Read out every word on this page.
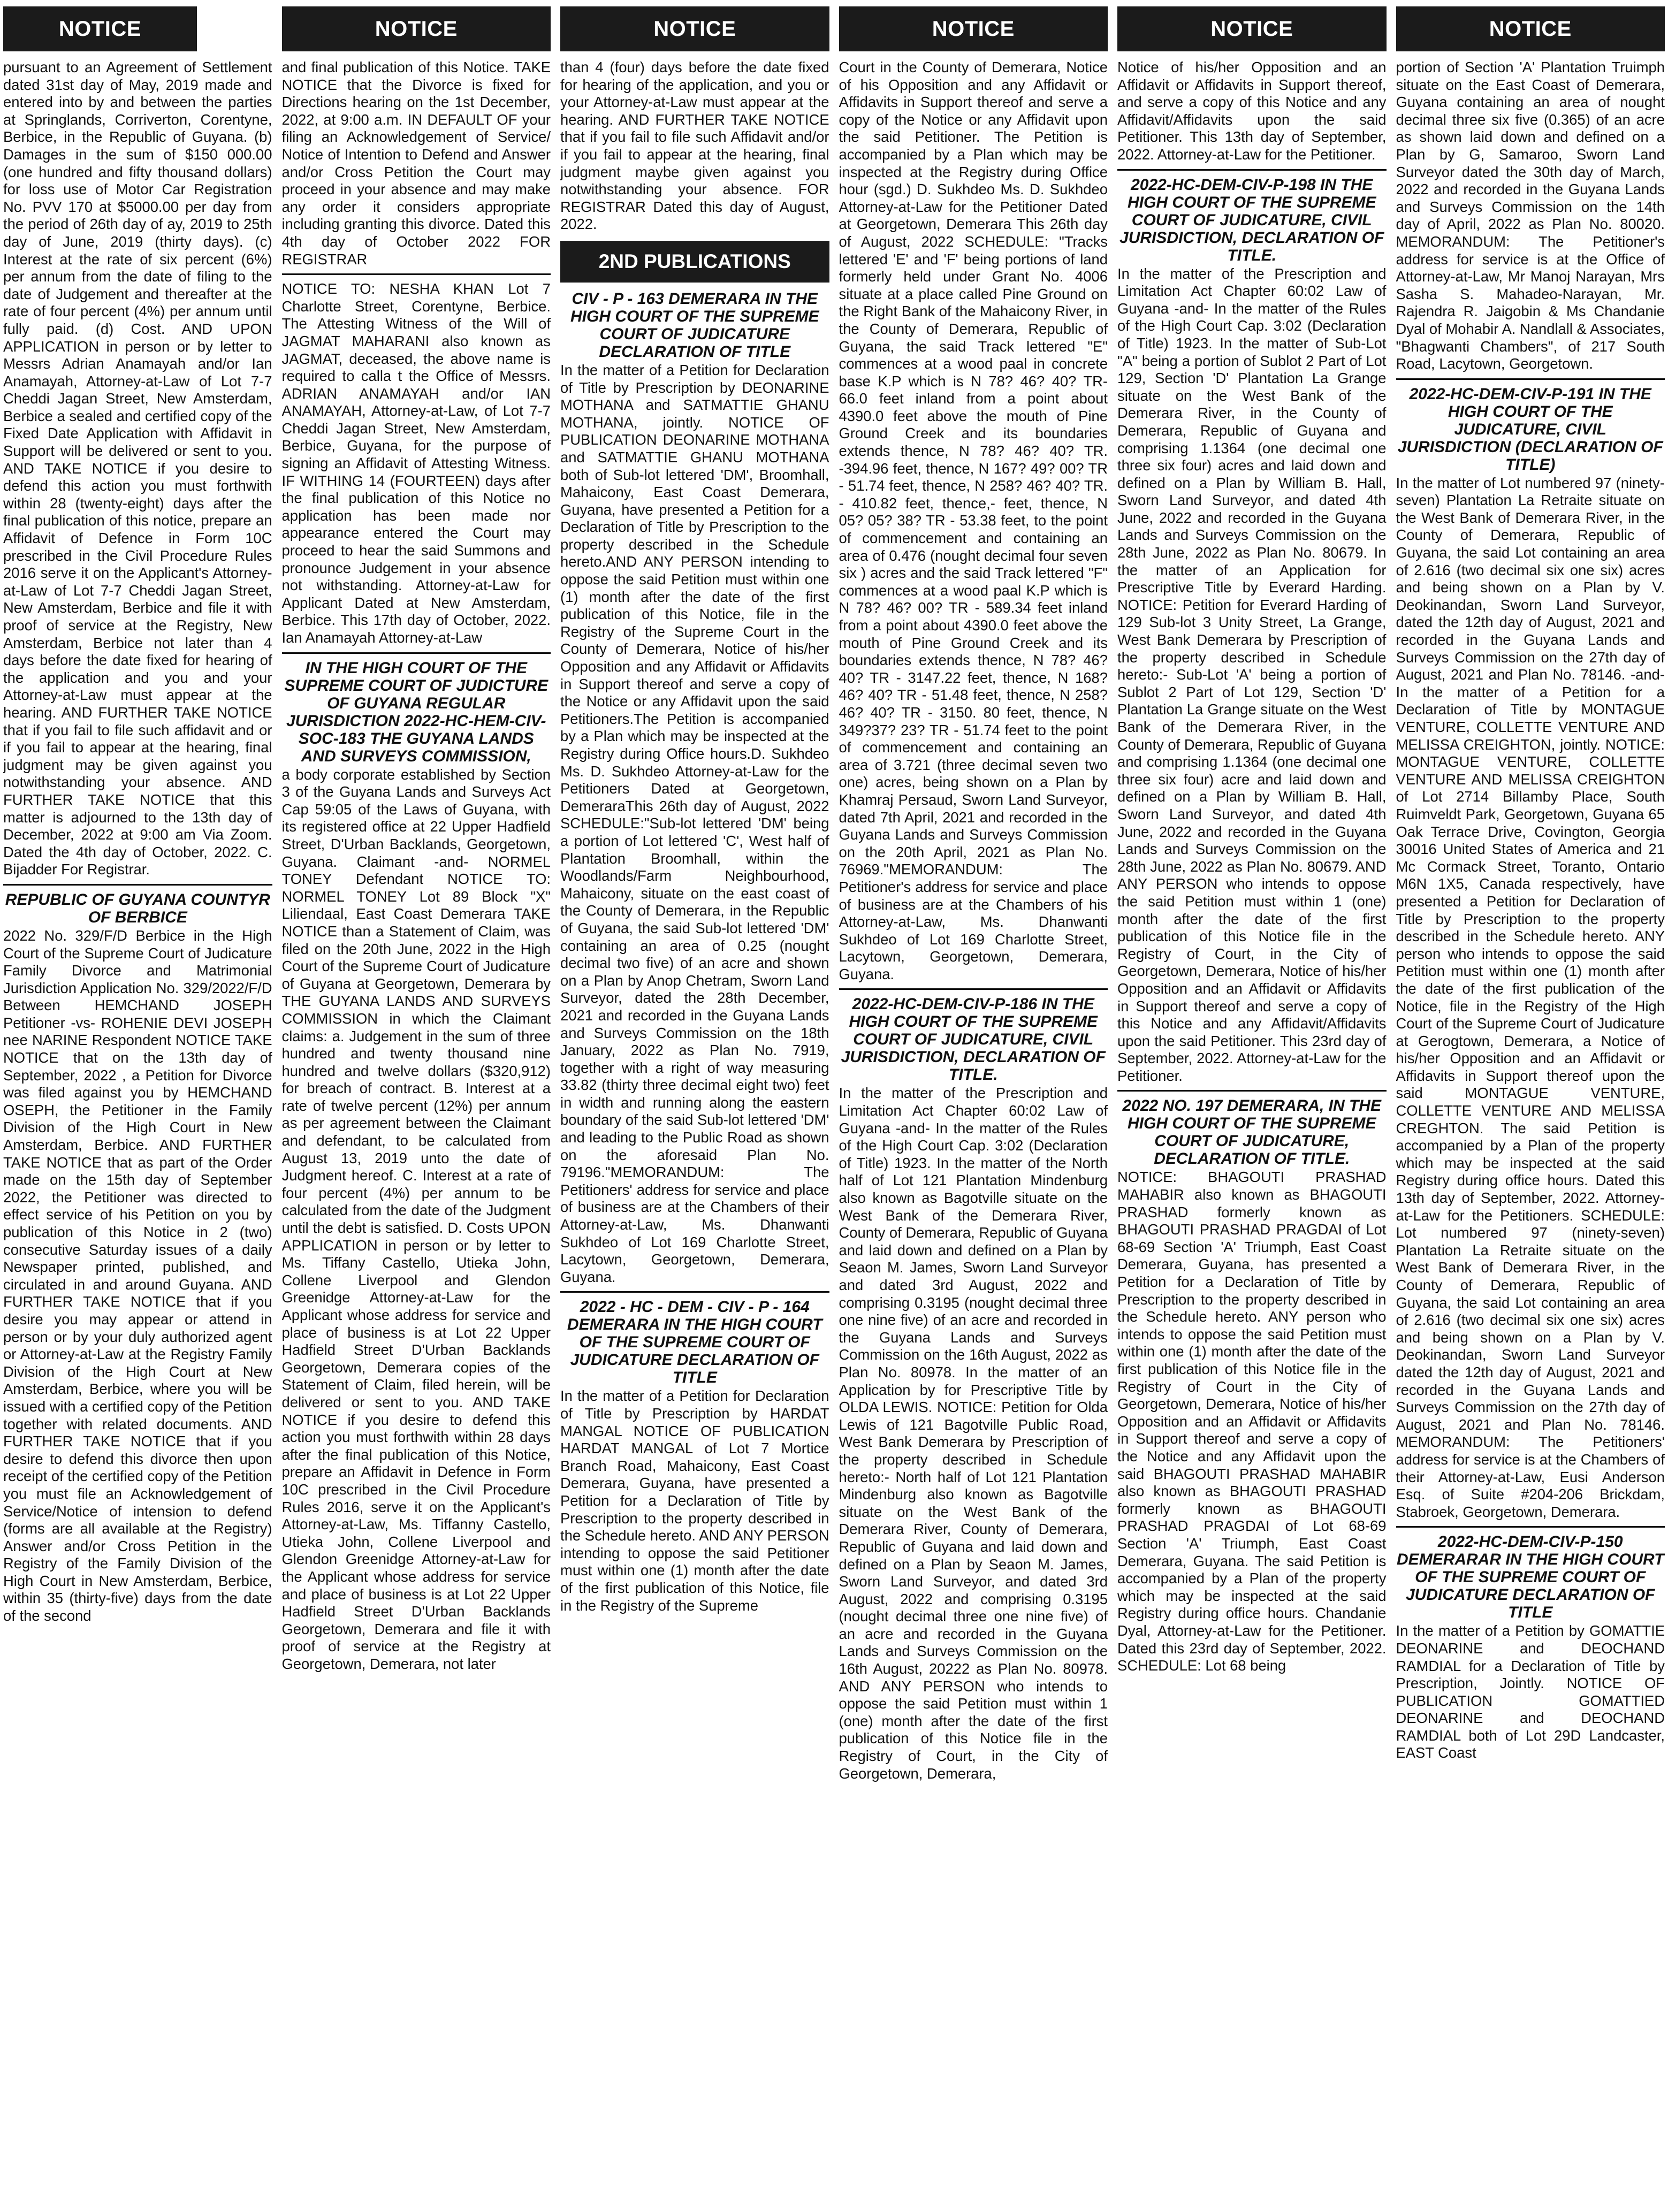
NOTICE

pursuant to an Agreement of Settlement dated 31st day of May, 2019 made and entered into by and between the parties at Springlands, Corriverton, Corentyne, Berbice, in the Republic of Guyana. (b) Damages in the sum of $150 000.00 (one hundred and fifty thousand dollars) for loss use of Motor Car Registration No. PVV 170 at $5000.00 per day from the period of 26th day of ay, 2019 to 25th day of June, 2019 (thirty days). (c) Interest at the rate of six percent (6%) per annum from the date of filing to the date of Judgement and thereafter at the rate of four percent (4%) per annum until fully paid. (d) Cost. AND UPON APPLICATION in person or by letter to Messrs Adrian Anamayah and/or Ian Anamayah, Attorney-at-Law of Lot 7-7 Cheddi Jagan Street, New Amsterdam, Berbice a sealed and certified copy of the Fixed Date Application with Affidavit in Support will be delivered or sent to you. AND TAKE NOTICE if you desire to defend this action you must forthwith within 28 (twenty-eight) days after the final publication of this notice, prepare an Affidavit of Defence in Form 10C prescribed in the Civil Procedure Rules 2016 serve it on the Applicant's Attorney-at-Law of Lot 7-7 Cheddi Jagan Street, New Amsterdam, Berbice and file it with proof of service at the Registry, New Amsterdam, Berbice not later than 4 days before the date fixed for hearing of the application and you and your Attorney-at-Law must appear at the hearing. AND FURTHER TAKE NOTICE that if you fail to file such affidavit and or if you fail to appear at the hearing, final judgment may be given against you notwithstanding your absence. AND FURTHER TAKE NOTICE that this matter is adjourned to the 13th day of December, 2022 at 9:00 am Via Zoom. Dated the 4th day of October, 2022. C. Bijadder For Registrar.

REPUBLIC OF GUYANA COUNTYR OF BERBICE

2022 No. 329/F/D Berbice in the High Court of the Supreme Court of Judicature Family Divorce and Matrimonial Jurisdiction Application No. 329/2022/F/D Between HEMCHAND JOSEPH Petitioner -vs- ROHENIE DEVI JOSEPH nee NARINE Respondent NOTICE TAKE NOTICE that on the 13th day of September, 2022 , a Petition for Divorce was filed against you by HEMCHAND OSEPH, the Petitioner in the Family Division of the High Court in New Amsterdam, Berbice. AND FURTHER TAKE NOTICE that as part of the Order made on the 15th day of September 2022, the Petitioner was directed to effect service of his Petition on you by publication of this Notice in 2 (two) consecutive Saturday issues of a daily Newspaper printed, published, and circulated in and around Guyana. AND FURTHER TAKE NOTICE that if you desire you may appear or attend in person or by your duly authorized agent or Attorney-at-Law at the Registry Family Division of the High Court at New Amsterdam, Berbice, where you will be issued with a certified copy of the Petition together with related documents. AND FURTHER TAKE NOTICE that if you desire to defend this divorce then upon receipt of the certified copy of the Petition you must file an Acknowledgement of Service/Notice of intension to defend (forms are all available at the Registry) Answer and/or Cross Petition in the Registry of the Family Division of the High Court in New Amsterdam, Berbice, within 35 (thirty-five) days from the date of the second

NOTICE

and final publication of this Notice. TAKE NOTICE that the Divorce is fixed for Directions hearing on the 1st December, 2022, at 9:00 a.m. IN DEFAULT OF your filing an Acknowledgement of Service/ Notice of Intention to Defend and Answer and/or Cross Petition the Court may proceed in your absence and may make any order it considers appropriate including granting this divorce. Dated this 4th day of October 2022 FOR REGISTRAR

NOTICE TO: NESHA KHAN Lot 7 Charlotte Street, Corentyne, Berbice. The Attesting Witness of the Will of JAGMAT MAHARANI also known as JAGMAT, deceased, the above name is required to calla t the Office of Messrs. ADRIAN ANAMAYAH and/or IAN ANAMAYAH, Attorney-at-Law, of Lot 7-7 Cheddi Jagan Street, New Amsterdam, Berbice, Guyana, for the purpose of signing an Affidavit of Attesting Witness. IF WITHING 14 (FOURTEEN) days after the final publication of this Notice no application has been made nor appearance entered the Court may proceed to hear the said Summons and pronounce Judgement in your absence not withstanding. Attorney-at-Law for Applicant Dated at New Amsterdam, Berbice. This 17th day of October, 2022. Ian Anamayah Attorney-at-Law

IN THE HIGH COURT OF THE SUPREME COURT OF JUDICTURE OF GUYANA REGULAR JURISDICTION 2022-HC-HEM-CIV-SOC-183 THE GUYANA LANDS AND SURVEYS COMMISSION,

a body corporate established by Section 3 of the Guyana Lands and Surveys Act Cap 59:05 of the Laws of Guyana, with its registered office at 22 Upper Hadfield Street, D'Urban Backlands, Georgetown, Guyana. Claimant -and- NORMEL TONEY Defendant NOTICE TO: NORMEL TONEY Lot 89 Block "X" Liliendaal, East Coast Demerara TAKE NOTICE than a Statement of Claim, was filed on the 20th June, 2022 in the High Court of the Supreme Court of Judicature of Guyana at Georgetown, Demerara by THE GUYANA LANDS AND SURVEYS COMMISSION in which the Claimant claims: a. Judgement in the sum of three hundred and twenty thousand nine hundred and twelve dollars ($320,912) for breach of contract. B. Interest at a rate of twelve percent (12%) per annum as per agreement between the Claimant and defendant, to be calculated from August 13, 2019 unto the date of Judgment hereof. C. Interest at a rate of four percent (4%) per annum to be calculated from the date of the Judgment until the debt is satisfied. D. Costs UPON APPLICATION in person or by letter to Ms. Tiffany Castello, Utieka John, Collene Liverpool and Glendon Greenidge Attorney-at-Law for the Applicant whose address for service and place of business is at Lot 22 Upper Hadfield Street D'Urban Backlands Georgetown, Demerara copies of the Statement of Claim, filed herein, will be delivered or sent to you. AND TAKE NOTICE if you desire to defend this action you must forthwith within 28 days after the final publication of this Notice, prepare an Affidavit in Defence in Form 10C prescribed in the Civil Procedure Rules 2016, serve it on the Applicant's Attorney-at-Law, Ms. Tiffanny Castello, Utieka John, Collene Liverpool and Glendon Greenidge Attorney-at-Law for the Applicant whose address for service and place of business is at Lot 22 Upper Hadfield Street D'Urban Backlands Georgetown, Demerara and file it with proof of service at the Registry at Georgetown, Demerara, not later

NOTICE

than 4 (four) days before the date fixed for hearing of the application, and you or your Attorney-at-Law must appear at the hearing. AND FURTHER TAKE NOTICE that if you fail to file such Affidavit and/or if you fail to appear at the hearing, final judgment maybe given against you notwithstanding your absence. FOR REGISTRAR Dated this day of August, 2022.

2ND PUBLICATIONS
CIV - P - 163 DEMERARA IN THE HIGH COURT OF THE SUPREME COURT OF JUDICATURE DECLARATION OF TITLE

In the matter of a Petition for Declaration of Title by Prescription by DEONARINE MOTHANA and SATMATTIE GHANU MOTHANA, jointly. NOTICE OF PUBLICATION DEONARINE MOTHANA and SATMATTIE GHANU MOTHANA both of Sub-lot lettered 'DM', Broomhall, Mahaicony, East Coast Demerara, Guyana, have presented a Petition for a Declaration of Title by Prescription to the property described in the Schedule hereto.AND ANY PERSON intending to oppose the said Petition must within one (1) month after the date of the first publication of this Notice, file in the Registry of the Supreme Court in the County of Demerara, Notice of his/her Opposition and any Affidavit or Affidavits in Support thereof and serve a copy of the Notice or any Affidavit upon the said Petitioners.The Petition is accompanied by a Plan which may be inspected at the Registry during Office hours.D. Sukhdeo Ms. D. Sukhdeo Attorney-at-Law for the Petitioners Dated at Georgetown, DemeraraThis 26th day of August, 2022 SCHEDULE:"Sub-lot lettered 'DM' being a portion of Lot lettered 'C', West half of Plantation Broomhall, within the Woodlands/Farm Neighbourhood, Mahaicony, situate on the east coast of the County of Demerara, in the Republic of Guyana, the said Sub-lot lettered 'DM' containing an area of 0.25 (nought decimal two five) of an acre and shown on a Plan by Anop Chetram, Sworn Land Surveyor, dated the 28th December, 2021 and recorded in the Guyana Lands and Surveys Commission on the 18th January, 2022 as Plan No. 7919, together with a right of way measuring 33.82 (thirty three decimal eight two) feet in width and running along the eastern boundary of the said Sub-lot lettered 'DM' and leading to the Public Road as shown on the aforesaid Plan No. 79196."MEMORANDUM: The Petitioners' address for service and place of business are at the Chambers of their Attorney-at-Law, Ms. Dhanwanti Sukhdeo of Lot 169 Charlotte Street, Lacytown, Georgetown, Demerara, Guyana.

2022 - HC - DEM - CIV - P - 164 DEMERARA IN THE HIGH COURT OF THE SUPREME COURT OF JUDICATURE DECLARATION OF TITLE

In the matter of a Petition for Declaration of Title by Prescription by HARDAT MANGAL NOTICE OF PUBLICATION HARDAT MANGAL of Lot 7 Mortice Branch Road, Mahaicony, East Coast Demerara, Guyana, have presented a Petition for a Declaration of Title by Prescription to the property described in the Schedule hereto. AND ANY PERSON intending to oppose the said Petitioner must within one (1) month after the date of the first publication of this Notice, file in the Registry of the Supreme

NOTICE

Court in the County of Demerara, Notice of his Opposition and any Affidavit or Affidavits in Support thereof and serve a copy of the Notice or any Affidavit upon the said Petitioner. The Petition is accompanied by a Plan which may be inspected at the Registry during Office hour (sgd.) D. Sukhdeo Ms. D. Sukhdeo Attorney-at-Law for the Petitioner Dated at Georgetown, Demerara This 26th day of August, 2022 SCHEDULE: "Tracks lettered 'E' and 'F' being portions of land formerly held under Grant No. 4006 situate at a place called Pine Ground on the Right Bank of the Mahaicony River, in the County of Demerara, Republic of Guyana, the said Track lettered "E" commences at a wood paal in concrete base K.P which is N 78? 46? 40? TR-66.0 feet inland from a point about 4390.0 feet above the mouth of Pine Ground Creek and its boundaries extends thence, N 78? 46? 40? TR. -394.96 feet, thence, N 167? 49? 00? TR - 51.74 feet, thence, N 258? 46? 40? TR. - 410.82 feet, thence,- feet, thence, N 05? 05? 38? TR - 53.38 feet, to the point of commencement and containing an area of 0.476 (nought decimal four seven six ) acres and the said Track lettered "F" commences at a wood paal K.P which is N 78? 46? 00? TR - 589.34 feet inland from a point about 4390.0 feet above the mouth of Pine Ground Creek and its boundaries extends thence, N 78? 46? 40? TR - 3147.22 feet, thence, N 168? 46? 40? TR - 51.48 feet, thence, N 258? 46? 40? TR - 3150. 80 feet, thence, N 349?37? 23? TR - 51.74 feet to the point of commencement and containing an area of 3.721 (three decimal seven two one) acres, being shown on a Plan by Khamraj Persaud, Sworn Land Surveyor, dated 7th April, 2021 and recorded in the Guyana Lands and Surveys Commission on the 20th April, 2021 as Plan No. 76969."MEMORANDUM: The Petitioner's address for service and place of business are at the Chambers of his Attorney-at-Law, Ms. Dhanwanti Sukhdeo of Lot 169 Charlotte Street, Lacytown, Georgetown, Demerara, Guyana.

2022-HC-DEM-CIV-P-186 IN THE HIGH COURT OF THE SUPREME COURT OF JUDICATURE, CIVIL JURISDICTION, DECLARATION OF TITLE.

In the matter of the Prescription and Limitation Act Chapter 60:02 Law of Guyana -and- In the matter of the Rules of the High Court Cap. 3:02 (Declaration of Title) 1923. In the matter of the North half of Lot 121 Plantation Mindenburg also known as Bagotville situate on the West Bank of the Demerara River, County of Demerara, Republic of Guyana and laid down and defined on a Plan by Seaon M. James, Sworn Land Surveyor and dated 3rd August, 2022 and comprising 0.3195 (nought decimal three one nine five) of an acre and recorded in the Guyana Lands and Surveys Commission on the 16th August, 2022 as Plan No. 80978. In the matter of an Application by for Prescriptive Title by OLDA LEWIS. NOTICE: Petition for Olda Lewis of 121 Bagotville Public Road, West Bank Demerara by Prescription of the property described in Schedule hereto:- North half of Lot 121 Plantation Mindenburg also known as Bagotville situate on the West Bank of the Demerara River, County of Demerara, Republic of Guyana and laid down and defined on a Plan by Seaon M. James, Sworn Land Surveyor, and dated 3rd August, 2022 and comprising 0.3195 (nought decimal three one nine five) of an acre and recorded in the Guyana Lands and Surveys Commission on the 16th August, 20222 as Plan No. 80978. AND ANY PERSON who intends to oppose the said Petition must within 1 (one) month after the date of the first publication of this Notice file in the Registry of Court, in the City of Georgetown, Demerara,

NOTICE

Notice of his/her Opposition and an Affidavit or Affidavits in Support thereof, and serve a copy of this Notice and any Affidavit/Affidavits upon the said Petitioner. This 13th day of September, 2022. Attorney-at-Law for the Petitioner.

2022-HC-DEM-CIV-P-198 IN THE HIGH COURT OF THE SUPREME COURT OF JUDICATURE, CIVIL JURISDICTION, DECLARATION OF TITLE.

In the matter of the Prescription and Limitation Act Chapter 60:02 Law of Guyana -and- In the matter of the Rules of the High Court Cap. 3:02 (Declaration of Title) 1923. In the matter of Sub-Lot "A" being a portion of Sublot 2 Part of Lot 129, Section 'D' Plantation La Grange situate on the West Bank of the Demerara River, in the County of Demerara, Republic of Guyana and comprising 1.1364 (one decimal one three six four) acres and laid down and defined on a Plan by William B. Hall, Sworn Land Surveyor, and dated 4th June, 2022 and recorded in the Guyana Lands and Surveys Commission on the 28th June, 2022 as Plan No. 80679. In the matter of an Application for Prescriptive Title by Everard Harding. NOTICE: Petition for Everard Harding of 129 Sub-lot 3 Unity Street, La Grange, West Bank Demerara by Prescription of the property described in Schedule hereto:- Sub-Lot 'A' being a portion of Sublot 2 Part of Lot 129, Section 'D' Plantation La Grange situate on the West Bank of the Demerara River, in the County of Demerara, Republic of Guyana and comprising 1.1364 (one decimal one three six four) acre and laid down and defined on a Plan by William B. Hall, Sworn Land Surveyor, and dated 4th June, 2022 and recorded in the Guyana Lands and Surveys Commission on the 28th June, 2022 as Plan No. 80679. AND ANY PERSON who intends to oppose the said Petition must within 1 (one) month after the date of the first publication of this Notice file in the Registry of Court, in the City of Georgetown, Demerara, Notice of his/her Opposition and an Affidavit or Affidavits in Support thereof and serve a copy of this Notice and any Affidavit/Affidavits upon the said Petitioner. This 23rd day of September, 2022. Attorney-at-Law for the Petitioner.

2022 NO. 197 DEMERARA, IN THE HIGH COURT OF THE SUPREME COURT OF JUDICATURE, DECLARATION OF TITLE.

NOTICE: BHAGOUTI PRASHAD MAHABIR also known as BHAGOUTI PRASHAD formerly known as BHAGOUTI PRASHAD PRAGDAI of Lot 68-69 Section 'A' Triumph, East Coast Demerara, Guyana, has presented a Petition for a Declaration of Title by Prescription to the property described in the Schedule hereto. ANY person who intends to oppose the said Petition must within one (1) month after the date of the first publication of this Notice file in the Registry of Court in the City of Georgetown, Demerara, Notice of his/her Opposition and an Affidavit or Affidavits in Support thereof and serve a copy of the Notice and any Affidavit upon the said BHAGOUTI PRASHAD MAHABIR also known as BHAGOUTI PRASHAD formerly known as BHAGOUTI PRASHAD PRAGDAI of Lot 68-69 Section 'A' Triumph, East Coast Demerara, Guyana. The said Petition is accompanied by a Plan of the property which may be inspected at the said Registry during office hours. Chandanie Dyal, Attorney-at-Law for the Petitioner. Dated this 23rd day of September, 2022. SCHEDULE: Lot 68 being

NOTICE

portion of Section 'A' Plantation Truimph situate on the East Coast of Demerara, Guyana containing an area of nought decimal three six five (0.365) of an acre as shown laid down and defined on a Plan by G, Samaroo, Sworn Land Surveyor dated the 30th day of March, 2022 and recorded in the Guyana Lands and Surveys Commission on the 14th day of April, 2022 as Plan No. 80020. MEMORANDUM: The Petitioner's address for service is at the Office of Attorney-at-Law, Mr Manoj Narayan, Mrs Sasha S. Mahadeo-Narayan, Mr. Rajendra R. Jaigobin & Ms Chandanie Dyal of Mohabir A. Nandlall & Associates, "Bhagwanti Chambers", of 217 South Road, Lacytown, Georgetown.

2022-HC-DEM-CIV-P-191 IN THE HIGH COURT OF THE JUDICATURE, CIVIL JURISDICTION (DECLARATION OF TITLE)

In the matter of Lot numbered 97 (ninety-seven) Plantation La Retraite situate on the West Bank of Demerara River, in the County of Demerara, Republic of Guyana, the said Lot containing an area of 2.616 (two decimal six one six) acres and being shown on a Plan by V. Deokinandan, Sworn Land Surveyor, dated the 12th day of August, 2021 and recorded in the Guyana Lands and Surveys Commission on the 27th day of August, 2021 and Plan No. 78146. -and- In the matter of a Petition for a Declaration of Title by MONTAGUE VENTURE, COLLETTE VENTURE AND MELISSA CREIGHTON, jointly. NOTICE: MONTAGUE VENTURE, COLLETTE VENTURE AND MELISSA CREIGHTON of Lot 2714 Billamby Place, South Ruimveldt Park, Georgetown, Guyana 65 Oak Terrace Drive, Covington, Georgia 30016 United States of America and 21 Mc Cormack Street, Toranto, Ontario M6N 1X5, Canada respectively, have presented a Petition for Declaration of Title by Prescription to the property described in the Schedule hereto. ANY person who intends to oppose the said Petition must within one (1) month after the date of the first publication of the Notice, file in the Registry of the High Court of the Supreme Court of Judicature at Gerogtown, Demerara, a Notice of his/her Opposition and an Affidavit or Affidavits in Support thereof upon the said MONTAGUE VENTURE, COLLETTE VENTURE AND MELISSA CREGHTON. The said Petition is accompanied by a Plan of the property which may be inspected at the said Registry during office hours. Dated this 13th day of September, 2022. Attorney-at-Law for the Petitioners. SCHEDULE: Lot numbered 97 (ninety-seven) Plantation La Retraite situate on the West Bank of Demerara River, in the County of Demerara, Republic of Guyana, the said Lot containing an area of 2.616 (two decimal six one six) acres and being shown on a Plan by V. Deokinandan, Sworn Land Surveyor dated the 12th day of August, 2021 and recorded in the Guyana Lands and Surveys Commission on the 27th day of August, 2021 and Plan No. 78146. MEMORANDUM: The Petitioners' address for service is at the Chambers of their Attorney-at-Law, Eusi Anderson Esq. of Suite #204-206 Brickdam, Stabroek, Georgetown, Demerara.

2022-HC-DEM-CIV-P-150 DEMERARAR IN THE HIGH COURT OF THE SUPREME COURT OF JUDICATURE DECLARATION OF TITLE

In the matter of a Petition by GOMATTIE DEONARINE and DEOCHAND RAMDIAL for a Declaration of Title by Prescription, Jointly. NOTICE OF PUBLICATION GOMATTIED DEONARINE and DEOCHAND RAMDIAL both of Lot 29D Landcaster, EAST Coast
